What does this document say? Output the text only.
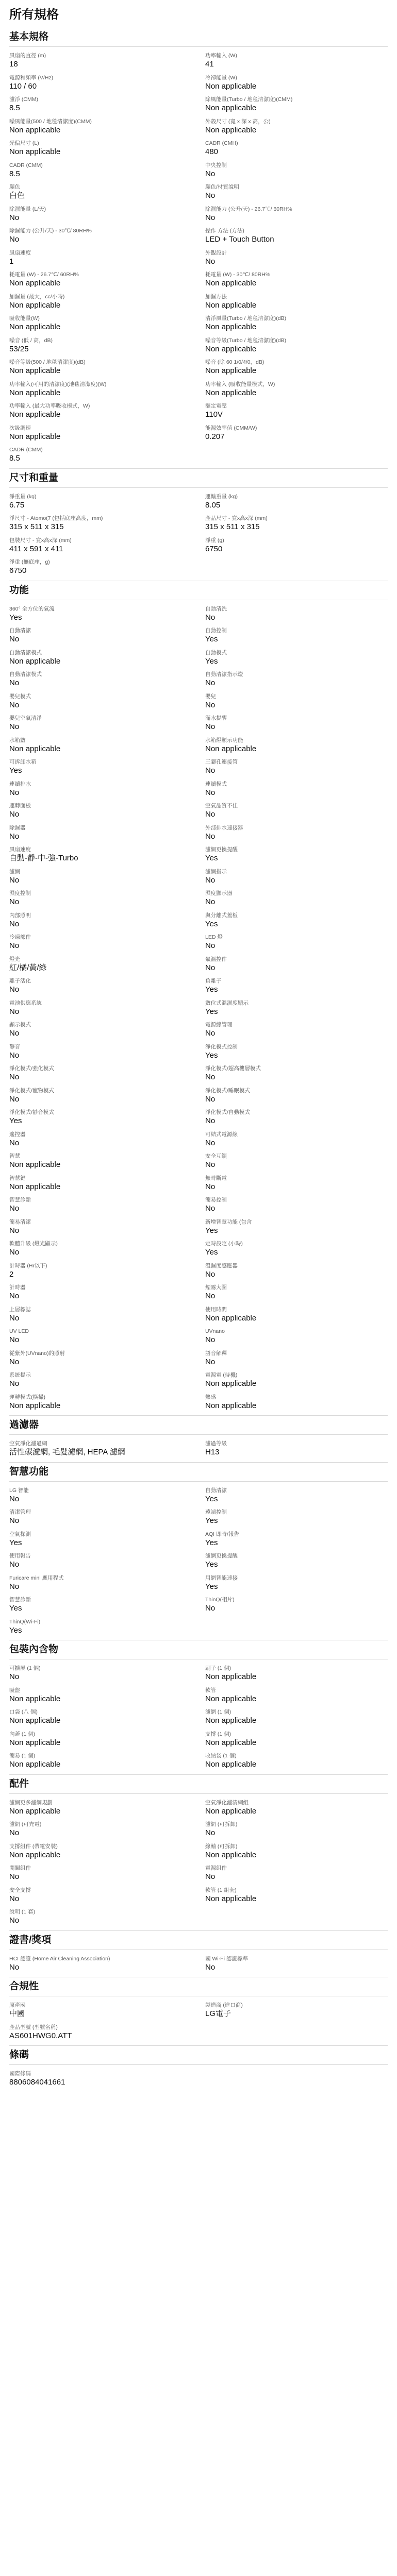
所有規格
基本規格
風扇的直徑 (m)
18
功率輸入 (W)
41
電源和頻率 (V/Hz)
110 / 60
冷卻能量 (W)
Non applicable
濾淨 (CMM)
8.5
除風能量(Turbo / 地毯清潔度)(CMM)
Non applicable
噪風能量(500 / 地毯清潔度)(CMM)
Non applicable
外殼尺寸 (寬 x 深 x 高，公)
Non applicable
光偏尺寸 (L)
Non applicable
CADR (CMH)
480
CADR (CMM)
8.5
中央控制
No
顏色
白色
顏色/材質說明
No
除濕能量 (L/天)
No
除濕能力 (公升/天) - 26.7℃/ 60RH%
No
除濕能力 (公升/天) - 30℃/ 80RH%
No
操作 方法 (方法)
LED + Touch Button
風扇速度
1
外觀設計
No
耗電量 (W) - 26.7℃/ 60RH%
Non applicable
耗電量 (W) - 30℃/ 80RH%
Non applicable
加濕量 (最大，cc/小時)
Non applicable
加濕方法
Non applicable
吸收能量(W)
Non applicable
清淨風量(Turbo / 地毯清潔度)(dB)
Non applicable
噪音 (低 / 高，dB)
53/25
噪音等級(Turbo / 地毯清潔度)(dB)
Non applicable
噪音等級(500 / 地毯清潔度)(dB)
Non applicable
噪音 (除 60 1/0/4/0，dB)
Non applicable
功率輸入(可用的清潔度)(地毯清潔度)(W)
Non applicable
功率輸入 (吸收能量模式，W)
Non applicable
功率輸入 (最大功率吸收模式，W)
Non applicable
額定電壓
110V
次級調速
Non applicable
能源效率值 (CMM/W)
0.207
CADR (CMM)
8.5
尺寸和重量
淨重量 (kg)
6.75
運輸重量 (kg)
8.05
淨尺寸 - Atomo(7 (包括底座高度，mm)
315 x 511 x 315
產品尺寸 - 寬x高x深 (mm)
315 x 511 x 315
包裝尺寸 - 寬x高x深 (mm)
411 x 591 x 411
淨重 (g)
6750
淨重 (無底座，g)
6750
功能
360° 全方位的氣流
Yes
自動清洗
No
自動清潔
No
自動控制
Yes
自動清潔模式
Non applicable
自動模式
Yes
自動清潔模式
No
自動清潔指示燈
No
嬰兒模式
No
嬰兒
No
嬰兒空氣清淨
No
滿水提醒
No
水箱數
Non applicable
水箱燈顯示功能
Non applicable
可拆卸水箱
Yes
三腳孔連接管
No
連續排水
No
連續模式
No
運轉面板
No
空氣品質不佳
No
除濕器
No
外部排水連接器
No
風扇速度
自動-靜-中-強-Turbo
濾網更換提醒
Yes
濾網
No
濾網指示
No
濕度控制
No
濕度顯示器
No
內部照明
No
與分離式蓋板
Yes
冷凍部件
No
LED 燈
No
燈光
紅/橘/黃/綠
氣溫控件
No
離子活化
No
負離子
Yes
電池供應系統
No
數位式溫濕度顯示
Yes
顯示模式
No
電源線管理
No
靜音
No
淨化模式控制
Yes
淨化模式/強化模式
No
淨化模式/超高樓層模式
No
淨化模式/寵物模式
No
淨化模式/睡眠模式
No
淨化模式/靜音模式
Yes
淨化模式/自動模式
No
遙控器
No
可結式電源線
No
智慧
Non applicable
安全互鎖
No
智慧鍵
Non applicable
無時斷電
No
智慧診斷
No
簡易控制
No
簡易清潔
No
新增智慧功能 (包含
Yes
軟體升級 (燈光顯示)
No
定時設定 (小時)
Yes
計時器 (Hr以下)
2
溫濕度感應器
No
計時器
No
煙霧大圖
No
上層標誌
No
使用時間
Non applicable
UV LED
No
UVnano
No
從紫外(UVnano)的照射
No
語音解釋
No
系統提示
No
電源電 (待機)
Non applicable
運轉模式(橫掃)
Non applicable
熱感
Non applicable
過濾器
空氣淨化濾過網
活性碳濾網, 毛髮濾網, HEPA 濾網
濾過等級
H13
智慧功能
LG 智能
No
自動清潔
Yes
清潔管理
No
遠端控制
Yes
空氣探測
Yes
AQI 即時/報告
Yes
使用報告
No
濾網更換提醒
Yes
Furicare mini 應用程式
No
用網智能連接
Yes
智慧診斷
Yes
ThinQ(相片)
No
ThinQ(Wi-Fi)
Yes
包裝內含物
可擴展 (1 個)
No
刷子 (1 個)
Non applicable
吸盤
Non applicable
軟管
Non applicable
口袋 (八 個)
Non applicable
濾網 (1 個)
Non applicable
內蓋 (1 個)
Non applicable
支撐 (1 個)
Non applicable
簡易 (1 個)
Non applicable
收納袋 (1 個)
Non applicable
配件
濾網更多濾網規劃
Non applicable
空氣淨化濾清網組
Non applicable
濾網 (可充電)
No
濾網 (可拆卸)
No
支撐組件 (帶電安裝)
Non applicable
線軸 (可拆卸)
Non applicable
開關組件
No
電源組件
No
安全支撐
No
軟管 (1 組套)
Non applicable
說明 (1 套)
No
證書/獎項
HCI 認證 (Home Air Cleaning Association)
No
國 Wi-Fi 認證標準
No
合規性
原產國
中國
製造商 (進口商)
LG電子
產品型號 (型號名稱)
AS601HWG0.ATT
條碼
國際條碼
8806084041661
